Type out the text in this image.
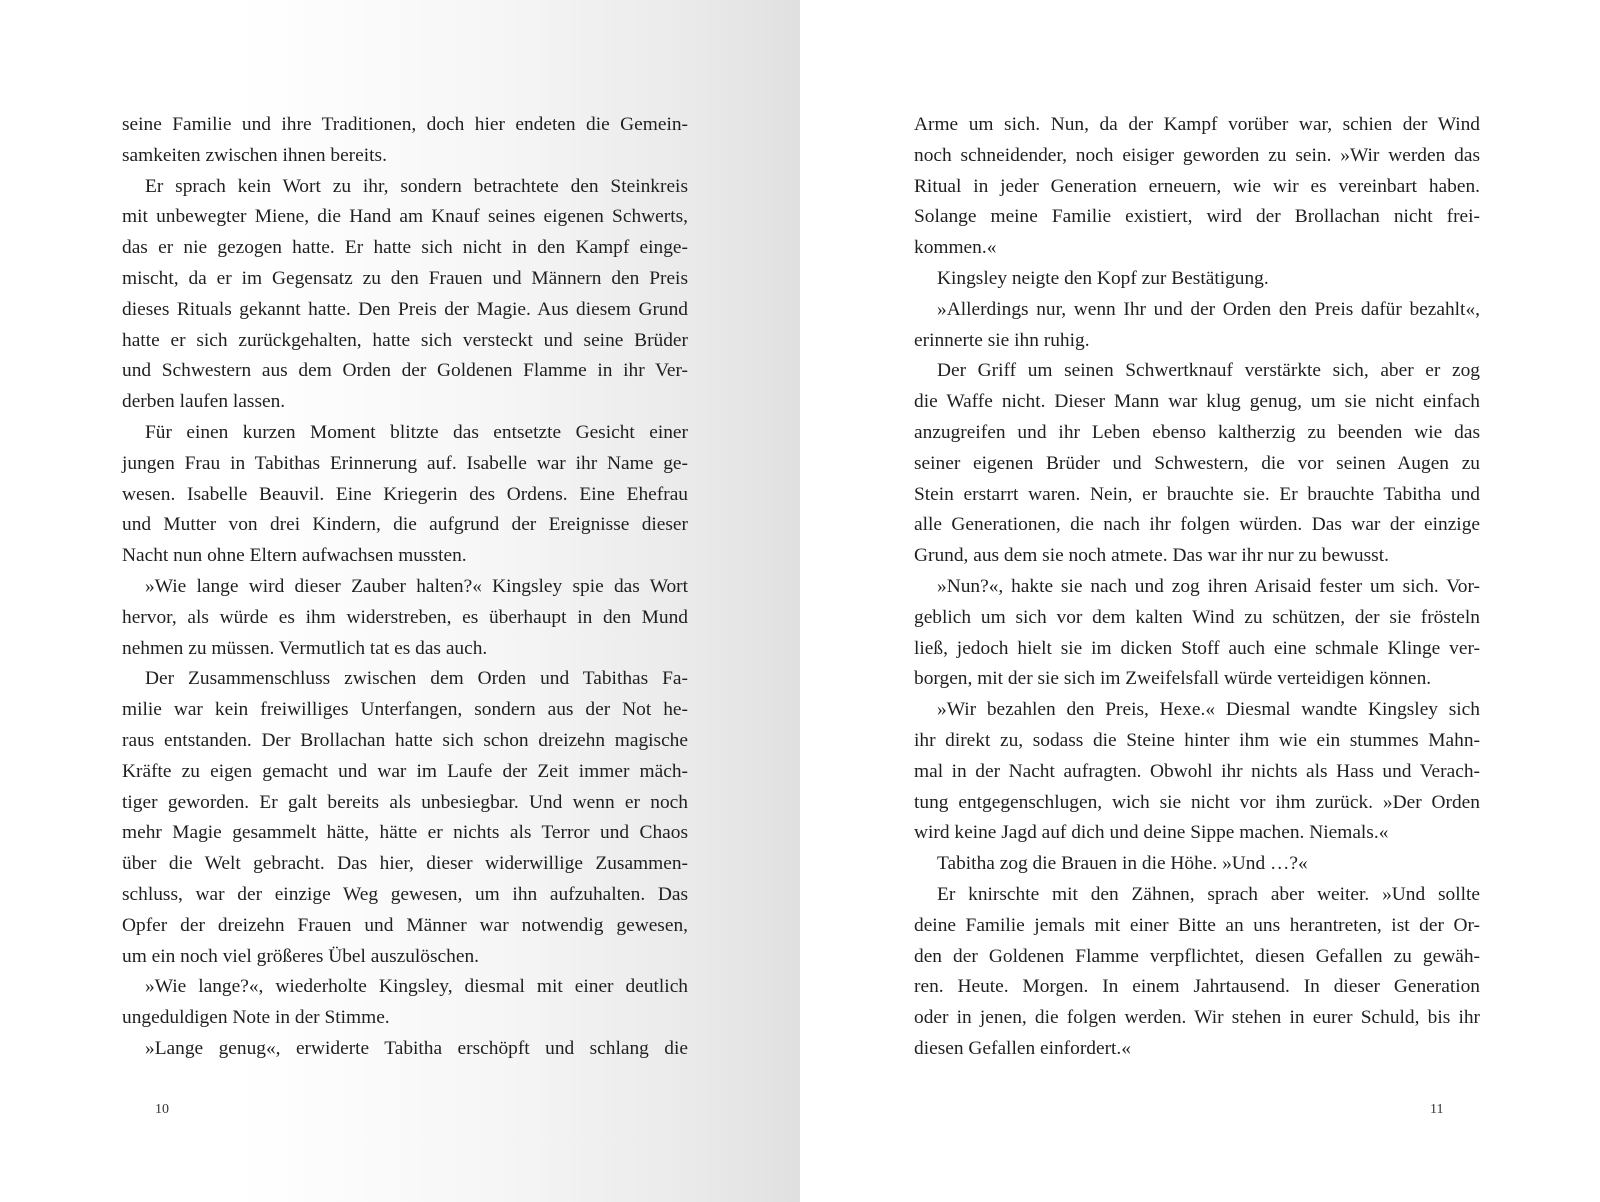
seine Familie und ihre Traditionen, doch hier endeten die Gemein-
samkeiten zwischen ihnen bereits.
Er sprach kein Wort zu ihr, sondern betrachtete den Steinkreis
mit unbewegter Miene, die Hand am Knauf seines eigenen Schwerts,
das er nie gezogen hatte. Er hatte sich nicht in den Kampf einge-
mischt, da er im Gegensatz zu den Frauen und Männern den Preis
dieses Rituals gekannt hatte. Den Preis der Magie. Aus diesem Grund
hatte er sich zurückgehalten, hatte sich versteckt und seine Brüder
und Schwestern aus dem Orden der Goldenen Flamme in ihr Ver-
derben laufen lassen.
Für einen kurzen Moment blitzte das entsetzte Gesicht einer
jungen Frau in Tabithas Erinnerung auf. Isabelle war ihr Name ge-
wesen. Isabelle Beauvil. Eine Kriegerin des Ordens. Eine Ehefrau
und Mutter von drei Kindern, die aufgrund der Ereignisse dieser
Nacht nun ohne Eltern aufwachsen mussten.
»Wie lange wird dieser Zauber halten?« Kingsley spie das Wort
hervor, als würde es ihm widerstreben, es überhaupt in den Mund
nehmen zu müssen. Vermutlich tat es das auch.
Der Zusammenschluss zwischen dem Orden und Tabithas Fa-
milie war kein freiwilliges Unterfangen, sondern aus der Not he-
raus entstanden. Der Brollachan hatte sich schon dreizehn magische
Kräfte zu eigen gemacht und war im Laufe der Zeit immer mäch-
tiger geworden. Er galt bereits als unbesiegbar. Und wenn er noch
mehr Magie gesammelt hätte, hätte er nichts als Terror und Chaos
über die Welt gebracht. Das hier, dieser widerwillige Zusammen-
schluss, war der einzige Weg gewesen, um ihn aufzuhalten. Das
Opfer der dreizehn Frauen und Männer war notwendig gewesen,
um ein noch viel größeres Übel auszulöschen.
»Wie lange?«, wiederholte Kingsley, diesmal mit einer deutlich
ungeduldigen Note in der Stimme.
»Lange genug«, erwiderte Tabitha erschöpft und schlang die
10
Arme um sich. Nun, da der Kampf vorüber war, schien der Wind
noch schneidender, noch eisiger geworden zu sein. »Wir werden das
Ritual in jeder Generation erneuern, wie wir es vereinbart haben.
Solange meine Familie existiert, wird der Brollachan nicht frei-
kommen.«
Kingsley neigte den Kopf zur Bestätigung.
»Allerdings nur, wenn Ihr und der Orden den Preis dafür bezahlt«,
erinnerte sie ihn ruhig.
Der Griff um seinen Schwertknauf verstärkte sich, aber er zog
die Waffe nicht. Dieser Mann war klug genug, um sie nicht einfach
anzugreifen und ihr Leben ebenso kaltherzig zu beenden wie das
seiner eigenen Brüder und Schwestern, die vor seinen Augen zu
Stein erstarrt waren. Nein, er brauchte sie. Er brauchte Tabitha und
alle Generationen, die nach ihr folgen würden. Das war der einzige
Grund, aus dem sie noch atmete. Das war ihr nur zu bewusst.
»Nun?«, hakte sie nach und zog ihren Arisaid fester um sich. Vor-
geblich um sich vor dem kalten Wind zu schützen, der sie frösteln
ließ, jedoch hielt sie im dicken Stoff auch eine schmale Klinge ver-
borgen, mit der sie sich im Zweifelsfall würde verteidigen können.
»Wir bezahlen den Preis, Hexe.« Diesmal wandte Kingsley sich
ihr direkt zu, sodass die Steine hinter ihm wie ein stummes Mahn-
mal in der Nacht aufragten. Obwohl ihr nichts als Hass und Verach-
tung entgegenschlugen, wich sie nicht vor ihm zurück. »Der Orden
wird keine Jagd auf dich und deine Sippe machen. Niemals.«
Tabitha zog die Brauen in die Höhe. »Und …?«
Er knirschte mit den Zähnen, sprach aber weiter. »Und sollte
deine Familie jemals mit einer Bitte an uns herantreten, ist der Or-
den der Goldenen Flamme verpflichtet, diesen Gefallen zu gewäh-
ren. Heute. Morgen. In einem Jahrtausend. In dieser Generation
oder in jenen, die folgen werden. Wir stehen in eurer Schuld, bis ihr
diesen Gefallen einfordert.«
11
